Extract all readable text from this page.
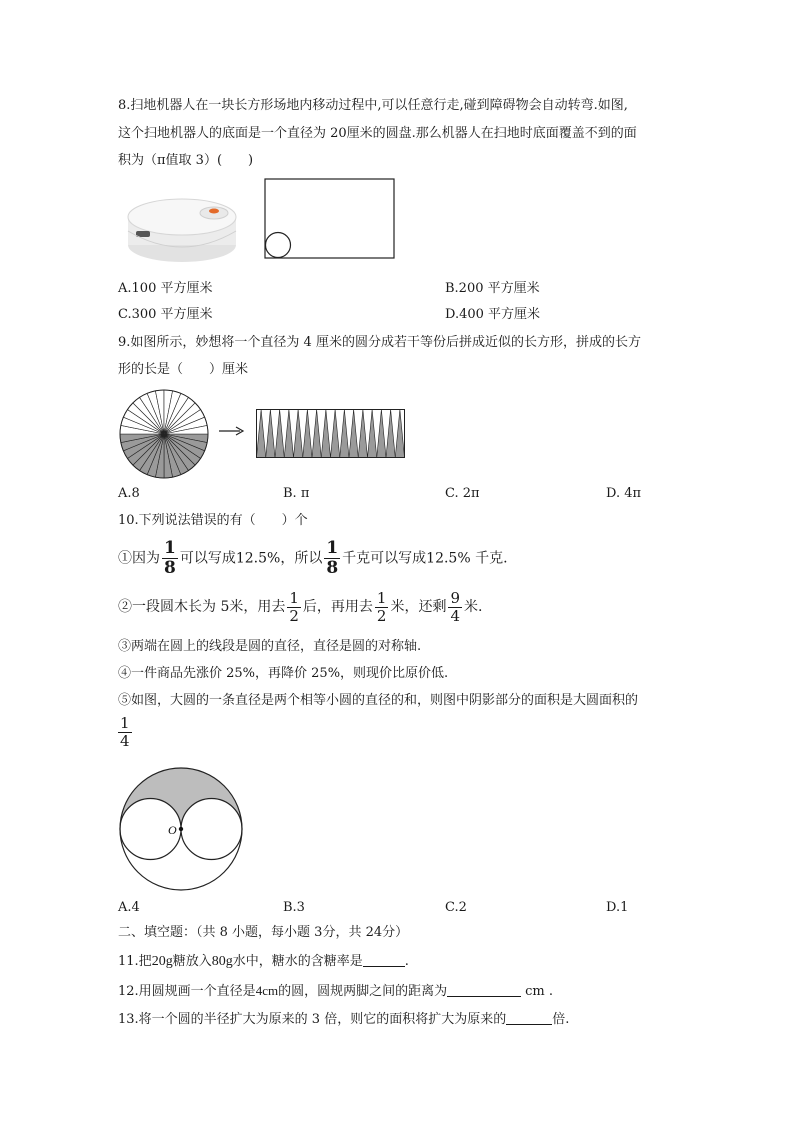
8.扫地机器人在一块长方形场地内移动过程中,可以任意行走,碰到障碍物会自动转弯.如图,
这个扫地机器人的底面是一个直径为 20厘米的圆盘.那么机器人在扫地时底面覆盖不到的面
积为（π值取 3）(　　)
A.100 平方厘米	B.200 平方厘米
C.300 平方厘米	D.400 平方厘米
9.如图所示，妙想将一个直径为 4 厘米的圆分成若干等份后拼成近似的长方形，拼成的长方
形的长是（　　）厘米
A.8	B. π	C. 2π	D. 4π
10.下列说法错误的有（　　）个
①因为 $\frac{1}{8}$ 可以写成12.5%，所以 $\frac{1}{8}$ 千克可以写成12.5% 千克.
②一段圆木长为 5米，用去 $\frac{1}{2}$ 后，再用去 $\frac{1}{2}$ 米，还剩 $\frac{9}{4}$ 米.
③两端在圆上的线段是圆的直径，直径是圆的对称轴.
④一件商品先涨价 25%，再降价 25%，则现价比原价低.
⑤如图，大圆的一条直径是两个相等小圆的直径的和，则图中阴影部分的面积是大圆面积的
$\frac{1}{4}$
O
A.4	B.3	C.2	D.1
二、填空题：（共 8 小题，每小题 3分，共 24分）
11.把20g糖放入80g水中，糖水的含糖率是	.
12.用圆规画一个直径是4cm的圆，圆规两脚之间的距离为	cm .
13.将一个圆的半径扩大为原来的 3 倍，则它的面积将扩大为原来的	倍.
